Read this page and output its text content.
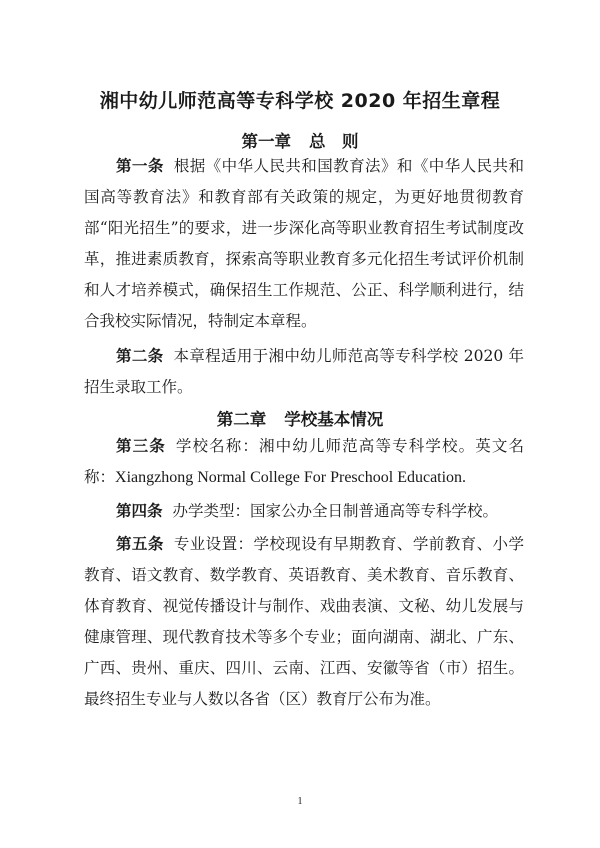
湘中幼儿师范高等专科学校 2020 年招生章程
第一章 总　则

第一条 根据《中华人民共和国教育法》和《中华人民共和国高等教育法》和教育部有关政策的规定，为更好地贯彻教育部“阳光招生”的要求，进一步深化高等职业教育招生考试制度改革，推进素质教育，探索高等职业教育多元化招生考试评价机制和人才培养模式，确保招生工作规范、公正、科学顺利进行，结合我校实际情况，特制定本章程。

第二条 本章程适用于湘中幼儿师范高等专科学校 2020 年招生录取工作。

第二章 学校基本情况

第三条 学校名称：湘中幼儿师范高等专科学校。英文名称：Xiangzhong Normal College For Preschool Education.

第四条 办学类型：国家公办全日制普通高等专科学校。

第五条 专业设置：学校现设有早期教育、学前教育、小学教育、语文教育、数学教育、英语教育、美术教育、音乐教育、体育教育、视觉传播设计与制作、戏曲表演、文秘、幼儿发展与健康管理、现代教育技术等多个专业；面向湖南、湖北、广东、广西、贵州、重庆、四川、云南、江西、安徽等省（市）招生。最终招生专业与人数以各省（区）教育厅公布为准。

1
